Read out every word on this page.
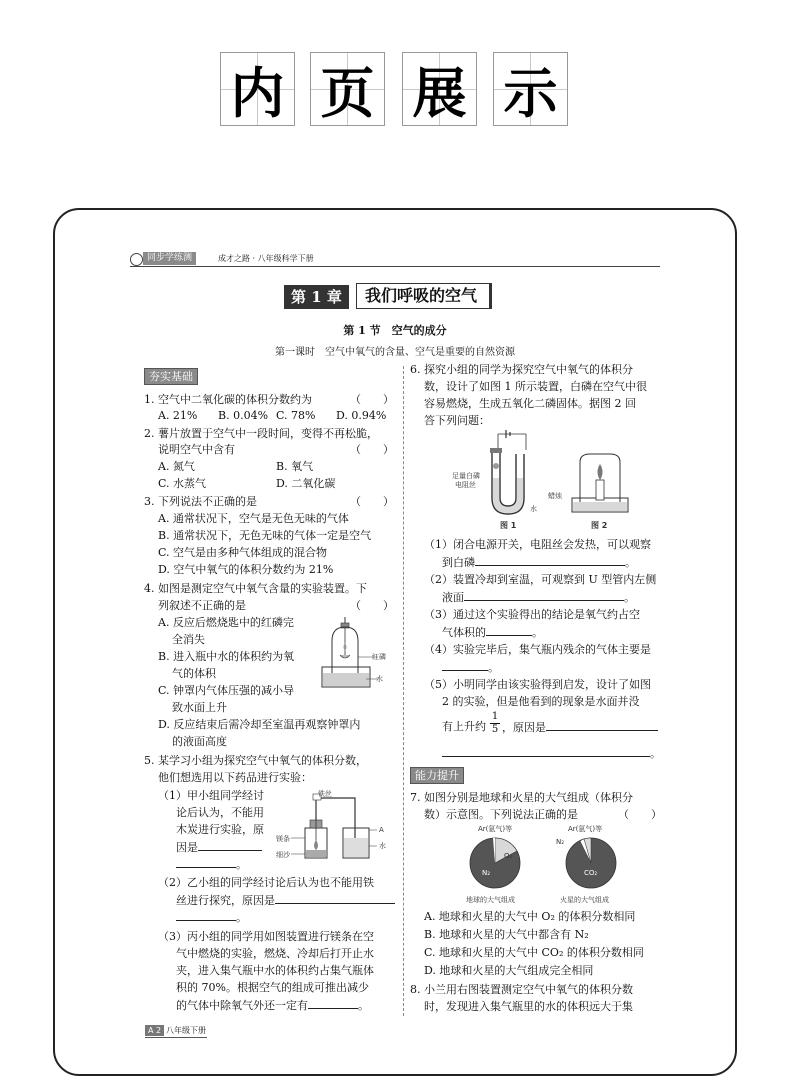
内 页 展 示
同步学练测	成才之路 · 八年级科学下册
第 1 章	我们呼吸的空气
第 1 节　空气的成分
第一课时　空气中氧气的含量、空气是重要的自然资源
夯实基础
1. 空气中二氧化碳的体积分数约为	（　　）
A. 21% B. 0.04% C. 78% D. 0.94%
2. 薯片放置于空气中一段时间，变得不再松脆，
说明空气中含有	（　　）
A. 氮气	B. 氧气
C. 水蒸气	D. 二氧化碳
3. 下列说法不正确的是	（　　）
A. 通常状况下，空气是无色无味的气体
B. 通常状况下，无色无味的气体一定是空气
C. 空气是由多种气体组成的混合物
D. 空气中氧气的体积分数约为 21%
4. 如图是测定空气中氧气含量的实验装置。下
列叙述不正确的是	（　　）
A. 反应后燃烧匙中的红磷完
全消失
B. 进入瓶中水的体积约为氧
气的体积
C. 钟罩内气体压强的减小导
致水面上升
D. 反应结束后需冷却至室温再观察钟罩内
的液面高度
红磷
水
5. 某学习小组为探究空气中氧气的体积分数，
他们想选用以下药品进行实验：
（1）甲小组同学经讨
论后认为，不能用
木炭进行实验，原
因是
。
铁丝
镁条
细沙
A
水
（2）乙小组的同学经讨论后认为也不能用铁
丝进行探究，原因是
。
（3）丙小组的同学用如图装置进行镁条在空
气中燃烧的实验，燃烧、冷却后打开止水
夹，进入集气瓶中水的体积约占集气瓶体
积的 70%。根据空气的组成可推出减少
的气体中除氧气外还一定有	。
6. 探究小组的同学为探究空气中氧气的体积分
数，设计了如图 1 所示装置，白磷在空气中很
容易燃烧，生成五氧化二磷固体。据图 2 回
答下列问题：
足量白磷
电阻丝
水
图 1
蜡烛
图 2
（1）闭合电源开关，电阻丝会发热，可以观察
到白磷	。
（2）装置冷却到室温，可观察到 U 型管内左侧
液面	。
（3）通过这个实验得出的结论是氧气约占空
气体积的	。
（4）实验完毕后，集气瓶内残余的气体主要是
。
（5）小明同学由该实验得到启发，设计了如图
2 的实验，但是他看到的现象是水面并没
有上升约 $\frac{1}{5}$ ，原因是
。
能力提升
7. 如图分别是地球和火星的大气组成（体积分
数）示意图。下列说法正确的是	（　　）
Ar(氩气)等	Ar(氩气)等
O₂
N₂
N₂
CO₂
地球的大气组成	火星的大气组成
A. 地球和火星的大气中 O₂ 的体积分数相同
B. 地球和火星的大气中都含有 N₂
C. 地球和火星的大气中 CO₂ 的体积分数相同
D. 地球和火星的大气组成完全相同
8. 小兰用右图装置测定空气中氧气的体积分数
时，发现进入集气瓶里的水的体积远大于集
A 2 八年级下册
